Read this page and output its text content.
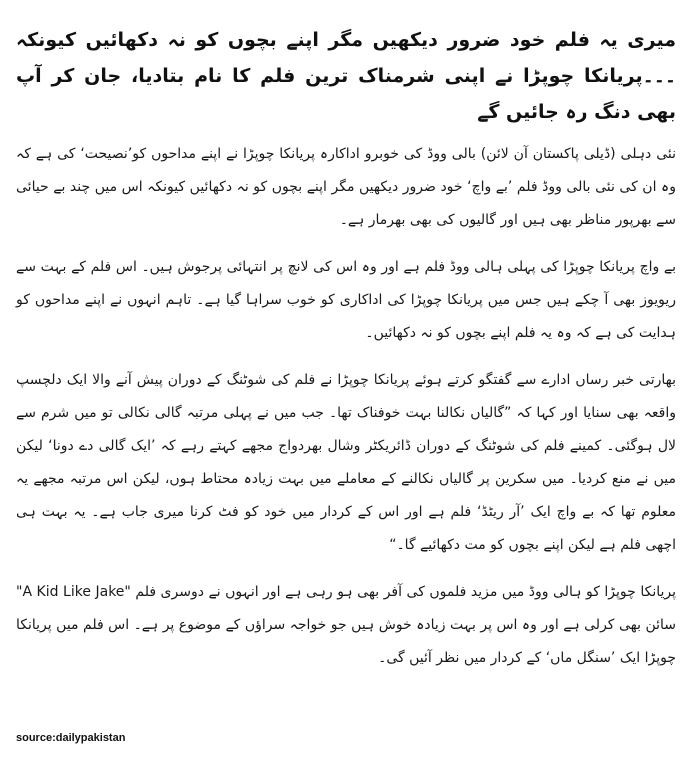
میری یہ فلم خود ضرور دیکھیں مگر اپنے بچوں کو نہ دکھائیں کیونکہ ۔۔۔پریانکا چوپڑا نے اپنی شرمناک ترین فلم کا نام بتادیا، جان کر آپ بھی دنگ رہ جائیں گے

نئی دہلی (ڈیلی پاکستان آن لائن) بالی ووڈ کی خوبرو اداکارہ پریانکا چوپڑا نے اپنے مداحوں کو’نصیحت‘ کی ہے کہ وہ ان کی نئی بالی ووڈ فلم ’بے واچ‘ خود ضرور دیکھیں مگر اپنے بچوں کو نہ دکھائیں کیونکہ اس میں چند بے حیائی سے بھرپور مناظر بھی ہیں اور گالیوں کی بھی بھرمار ہے۔

بے واچ پریانکا چوپڑا کی پہلی ہالی ووڈ فلم ہے اور وہ اس کی لانچ پر انتہائی پرجوش ہیں۔ اس فلم کے بہت سے ریویوز بھی آ چکے ہیں جس میں پریانکا چوپڑا کی اداکاری کو خوب سراہا گیا ہے۔ تاہم انہوں نے اپنے مداحوں کو ہدایت کی ہے کہ وہ یہ فلم اپنے بچوں کو نہ دکھائیں۔

بھارتی خبر رساں ادارے سے گفتگو کرتے ہوئے پریانکا چوپڑا نے فلم کی شوٹنگ کے دوران پیش آنے والا ایک دلچسپ واقعہ بھی سنایا اور کہا کہ ”گالیاں نکالنا بہت خوفناک تھا۔ جب میں نے پہلی مرتبہ گالی نکالی تو میں شرم سے لال ہوگئی۔ کمینے فلم کی شوٹنگ کے دوران ڈائریکٹر وشال بھردواج مجھے کہتے رہے کہ ’ایک گالی دے دونا‘ لیکن میں نے منع کردیا۔ میں سکرین پر گالیاں نکالنے کے معاملے میں بہت زیادہ محتاط ہوں، لیکن اس مرتبہ مجھے یہ معلوم تھا کہ بے واچ ایک ’آر ریٹڈ‘ فلم ہے اور اس کے کردار میں خود کو فٹ کرنا میری جاب ہے۔ یہ بہت ہی اچھی فلم ہے لیکن اپنے بچوں کو مت دکھائیے گا۔“

پریانکا چوپڑا کو ہالی ووڈ میں مزید فلموں کی آفر بھی ہو رہی ہے اور انہوں نے دوسری فلم "A Kid Like Jake" سائن بھی کرلی ہے اور وہ اس پر بہت زیادہ خوش ہیں جو خواجہ سراؤں کے موضوع پر ہے۔ اس فلم میں پریانکا چوپڑا ایک ’سنگل ماں‘ کے کردار میں نظر آئیں گی۔

source:dailypakistan
